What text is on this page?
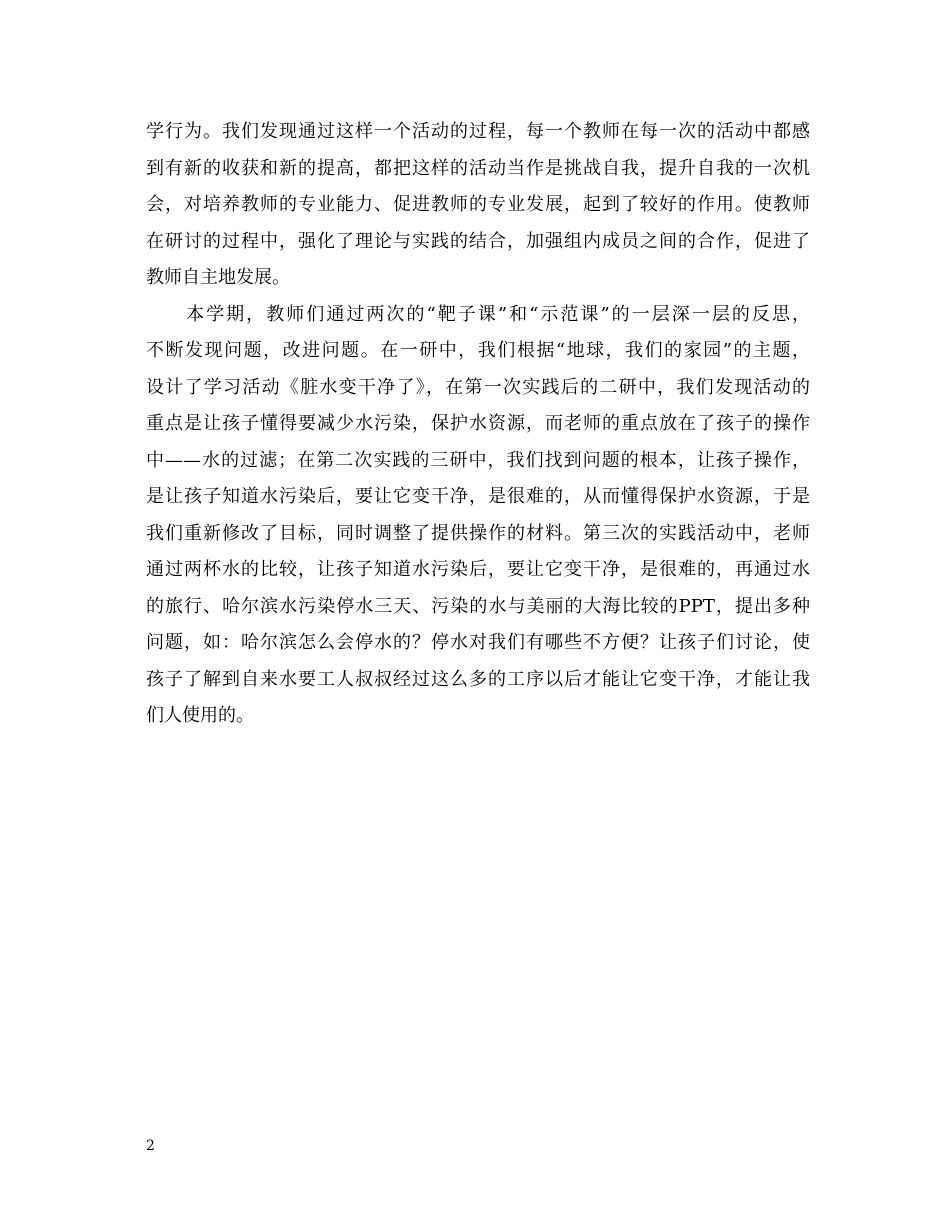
学行为。我们发现通过这样一个活动的过程，每一个教师在每一次的活动中都感
到有新的收获和新的提高，都把这样的活动当作是挑战自我，提升自我的一次机
会，对培养教师的专业能力、促进教师的专业发展，起到了较好的作用。使教师
在研讨的过程中，强化了理论与实践的结合，加强组内成员之间的合作，促进了
教师自主地发展。
　　本学期，教师们通过两次的“靶子课”和“示范课”的一层深一层的反思，
不断发现问题，改进问题。在一研中，我们根据“地球，我们的家园”的主题，
设计了学习活动《脏水变干净了》，在第一次实践后的二研中，我们发现活动的
重点是让孩子懂得要减少水污染，保护水资源，而老师的重点放在了孩子的操作
中——水的过滤；在第二次实践的三研中，我们找到问题的根本，让孩子操作，
是让孩子知道水污染后，要让它变干净，是很难的，从而懂得保护水资源，于是
我们重新修改了目标，同时调整了提供操作的材料。第三次的实践活动中，老师
通过两杯水的比较，让孩子知道水污染后，要让它变干净，是很难的，再通过水
的旅行、哈尔滨水污染停水三天、污染的水与美丽的大海比较的PPT，提出多种
问题，如：哈尔滨怎么会停水的？停水对我们有哪些不方便？让孩子们讨论，使
孩子了解到自来水要工人叔叔经过这么多的工序以后才能让它变干净，才能让我
们人使用的。
2
